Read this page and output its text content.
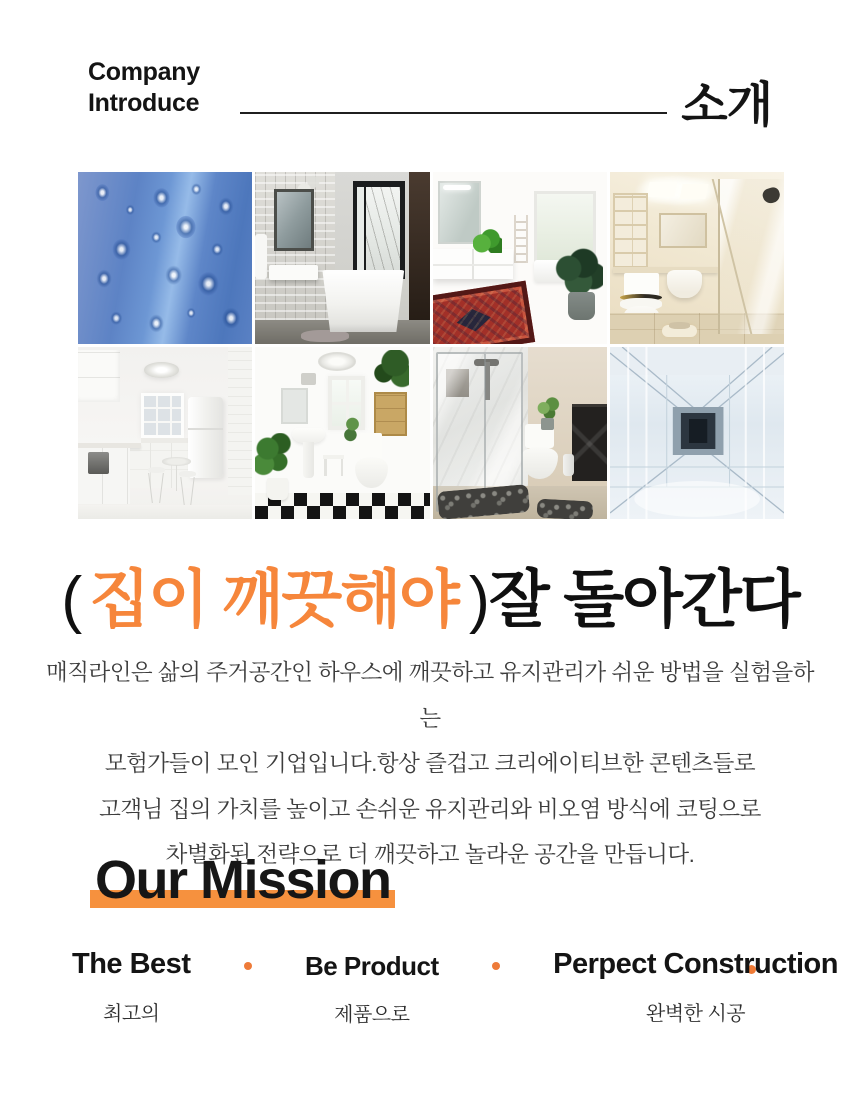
Company
Introduce	소개
( 집이 깨끗해야 )잘 돌아간다
매직라인은 삶의 주거공간인 하우스에 깨끗하고 유지관리가 쉬운 방법을 실험을하는
모험가들이 모인 기업입니다.항상 즐겁고 크리에이티브한 콘텐츠들로
고객님 집의 가치를 높이고 손쉬운 유지관리와 비오염 방식에 코팅으로
차별화된 전략으로 더 깨끗하고 놀라운 공간을 만듭니다.
Our Mission
The Best
최고의
Be Product
제품으로
Perpect Construction
완벽한 시공
